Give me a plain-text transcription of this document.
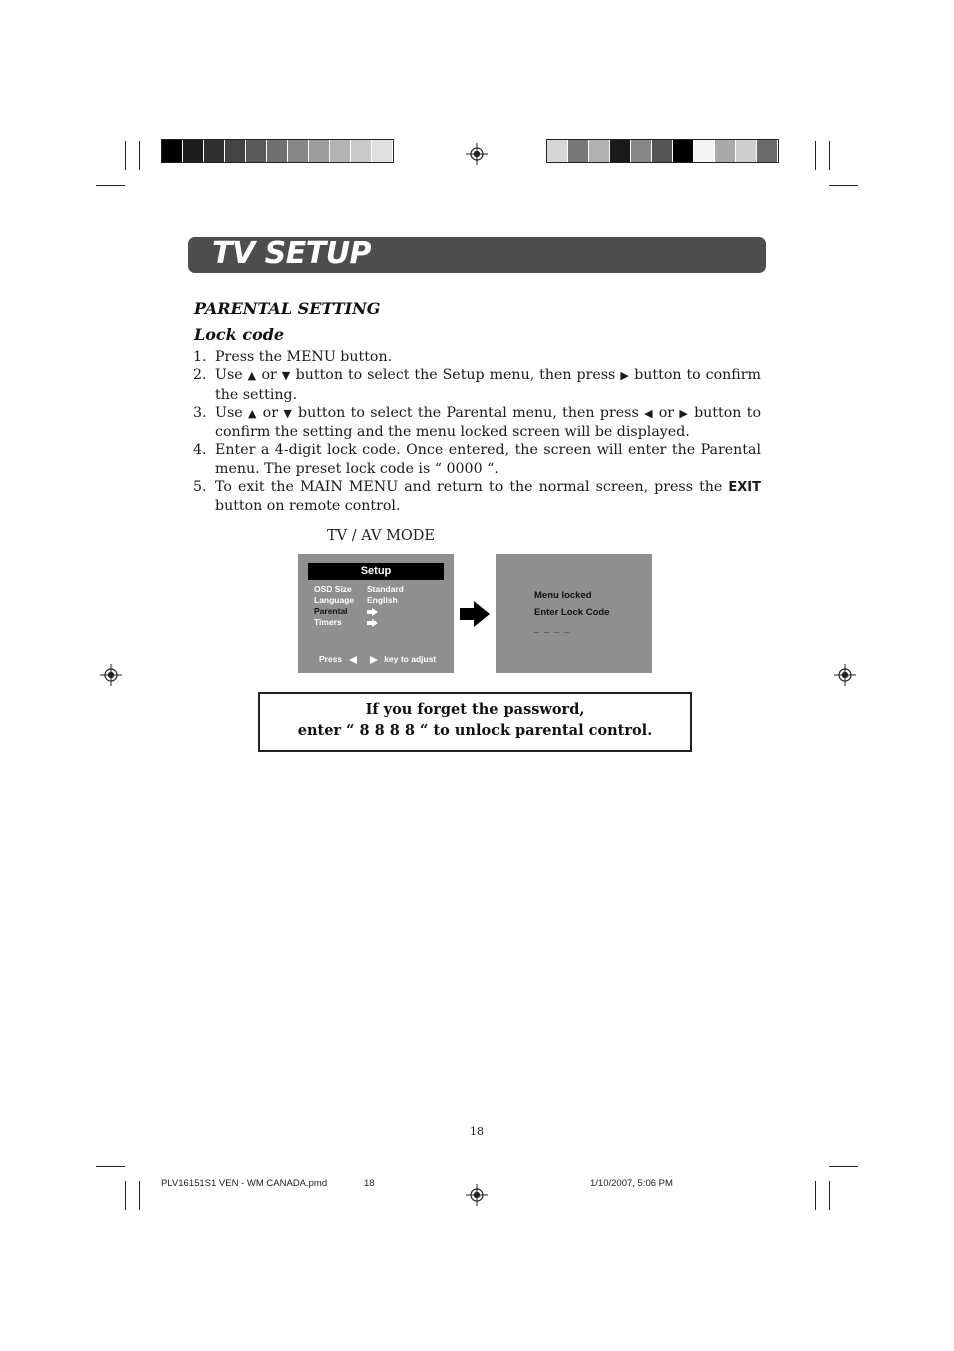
TV SETUP
PARENTAL SETTING
Lock code
1. Press the MENU button.
2. Use ▲ or ▼ button to select the Setup menu, then press ▶ button to confirm the setting.
3. Use ▲ or ▼ button to select the Parental menu, then press ◀ or ▶ button to confirm the setting and the menu locked screen will be displayed.
4. Enter a 4-digit lock code. Once entered, the screen will enter the Parental menu. The preset lock code is “ 0000 “.
5. To exit the MAIN MENU and return to the normal screen, press the EXIT button on remote control.
TV / AV MODE
Setup
OSD Size Standard
Language English
Parental
Timers
Press	key to adjust
Menu locked
Enter Lock Code
_ _ _ _
If you forget the password,
enter “ 8 8 8 8 “ to unlock parental control.
18
PLV16151S1 VEN - WM CANADA.pmd	18	1/10/2007, 5:06 PM
